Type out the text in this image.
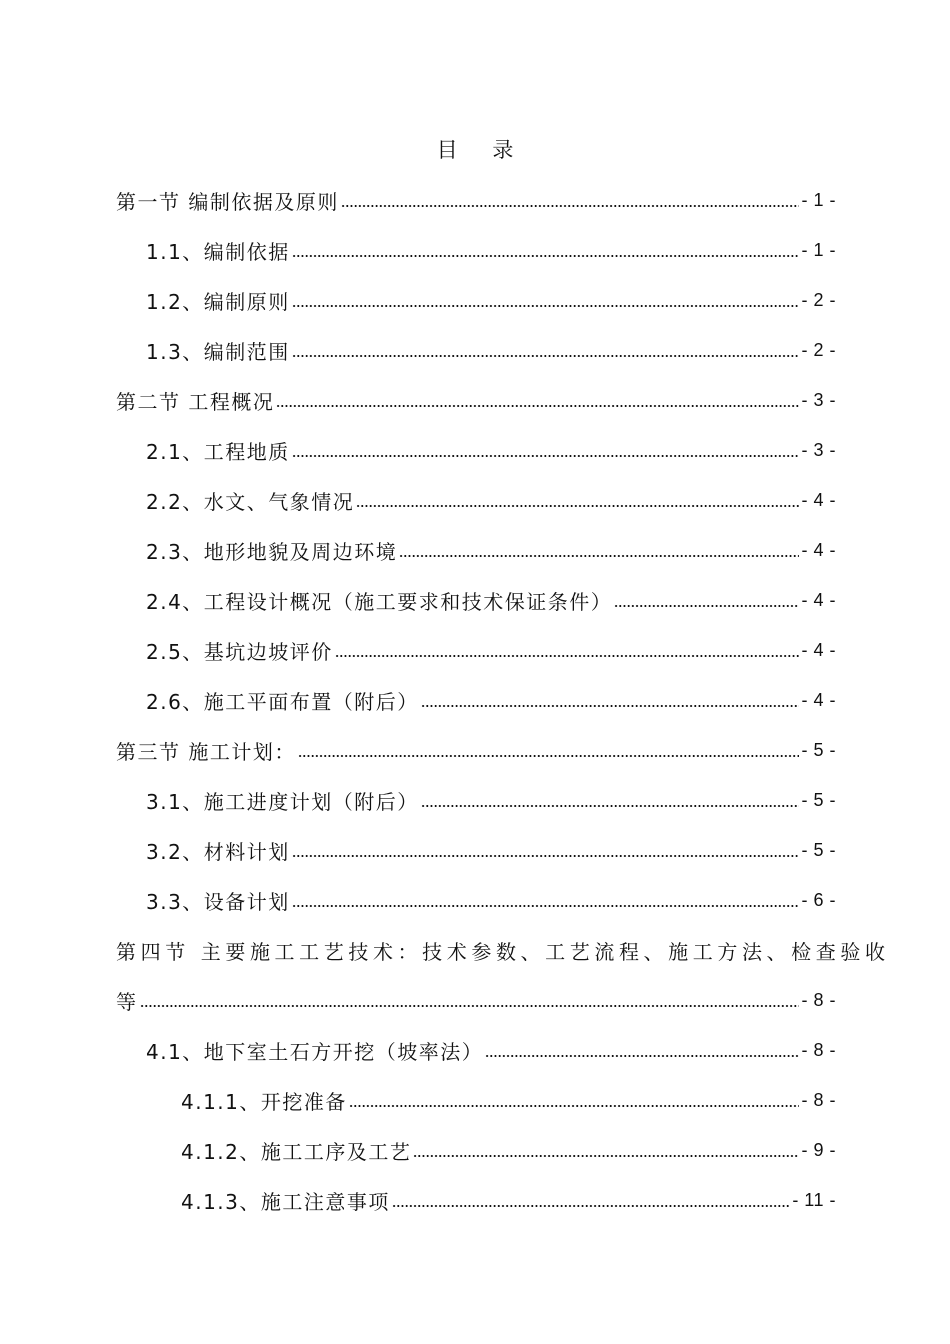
目 录
第一节 编制依据及原则	- 1 -
1.1、编制依据	- 1 -
1.2、编制原则	- 2 -
1.3、编制范围	- 2 -
第二节 工程概况	- 3 -
2.1、工程地质	- 3 -
2.2、水文、气象情况	- 4 -
2.3、地形地貌及周边环境	- 4 -
2.4、工程设计概况（施工要求和技术保证条件）	- 4 -
2.5、基坑边坡评价	- 4 -
2.6、施工平面布置（附后）	- 4 -
第三节 施工计划：	- 5 -
3.1、施工进度计划（附后）	- 5 -
3.2、材料计划	- 5 -
3.3、设备计划	- 6 -
第四节 主要施工工艺技术：技术参数、工艺流程、施工方法、检查验收
等	- 8 -
4.1、地下室土石方开挖（坡率法）	- 8 -
4.1.1、开挖准备	- 8 -
4.1.2、施工工序及工艺	- 9 -
4.1.3、施工注意事项	- 11 -
